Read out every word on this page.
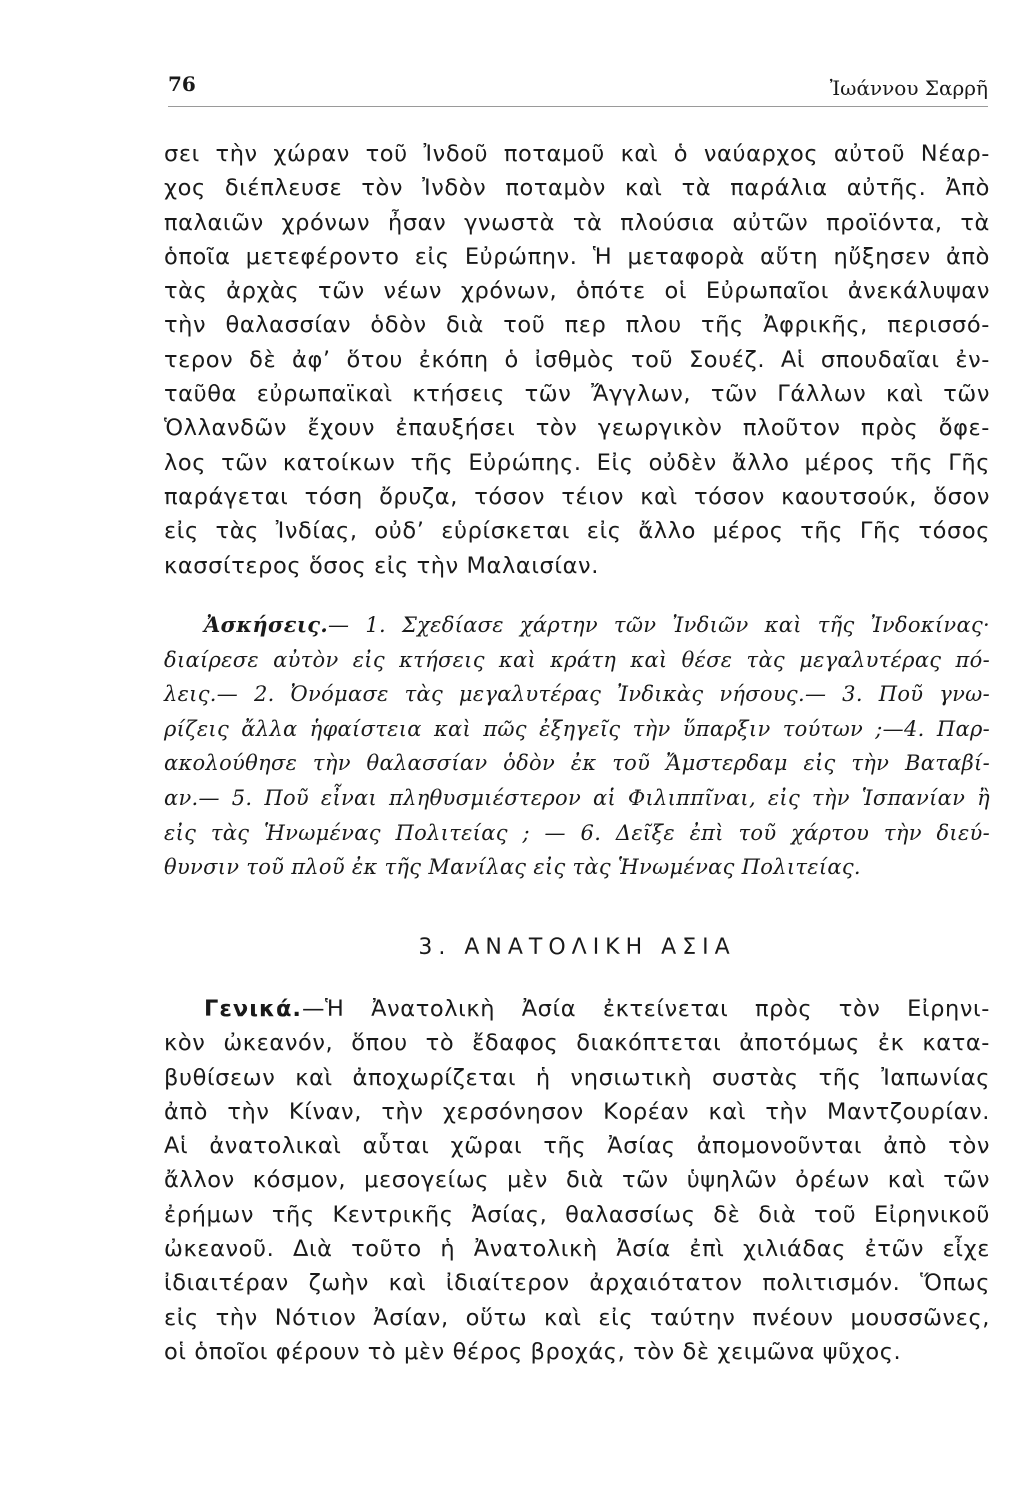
76	Ἰωάννου Σαρρῆ

σει τὴν χώραν τοῦ Ἰνδοῦ ποταμοῦ καὶ ὁ ναύαρχος αὐτοῦ Νέαρ-
χος διέπλευσε τὸν Ἰνδὸν ποταμὸν καὶ τὰ παράλια αὐτῆς. Ἀπὸ
παλαιῶν χρόνων ἦσαν γνωστὰ τὰ πλούσια αὐτῶν προϊόντα, τὰ
ὁποῖα μετεφέροντο εἰς Εὐρώπην. Ἡ μεταφορὰ αὕτη ηὔξησεν ἀπὸ
τὰς ἀρχὰς τῶν νέων χρόνων, ὁπότε οἱ Εὐρωπαῖοι ἀνεκάλυψαν
τὴν θαλασσίαν ὁδὸν διὰ τοῦ περ πλου τῆς Ἀφρικῆς, περισσό-
τερον δὲ ἀφ’ ὅτου ἐκόπη ὁ ἰσθμὸς τοῦ Σουέζ. Αἱ σπουδαῖαι ἐν-
ταῦθα εὐρωπαϊκαὶ κτήσεις τῶν Ἄγγλων, τῶν Γάλλων καὶ τῶν
Ὁλλανδῶν ἔχουν ἐπαυξήσει τὸν γεωργικὸν πλοῦτον πρὸς ὄφε-
λος τῶν κατοίκων τῆς Εὐρώπης. Εἰς οὐδὲν ἄλλο μέρος τῆς Γῆς
παράγεται τόση ὄρυζα, τόσον τέιον καὶ τόσον καουτσούκ, ὅσον
εἰς τὰς Ἰνδίας, οὐδ’ εὑρίσκεται εἰς ἄλλο μέρος τῆς Γῆς τόσος
κασσίτερος ὅσος εἰς τὴν Μαλαισίαν.

Ἀσκήσεις.— 1. Σχεδίασε χάρτην τῶν Ἰνδιῶν καὶ τῆς Ἰνδοκίνας·
διαίρεσε αὐτὸν εἰς κτήσεις καὶ κράτη καὶ θέσε τὰς μεγαλυτέρας πό-
λεις.— 2. Ὀνόμασε τὰς μεγαλυτέρας Ἰνδικὰς νήσους.— 3. Ποῦ γνω-
ρίζεις ἄλλα ἡφαίστεια καὶ πῶς ἐξηγεῖς τὴν ὕπαρξιν τούτων ;—4. Παρ-
ακολούθησε τὴν θαλασσίαν ὁδὸν ἐκ τοῦ Ἄμστερδαμ εἰς τὴν Βαταβί-
αν.— 5. Ποῦ εἶναι πληθυσμιέστερον αἱ Φιλιππῖναι, εἰς τὴν Ἱσπανίαν ἢ
εἰς τὰς Ἡνωμένας Πολιτείας ; — 6. Δεῖξε ἐπὶ τοῦ χάρτου τὴν διεύ-
θυνσιν τοῦ πλοῦ ἐκ τῆς Μανίλας εἰς τὰς Ἡνωμένας Πολιτείας.
3. ΑΝΑΤΟΛΙΚΗ ΑΣΙΑ

Γενικά.—Ἡ Ἀνατολικὴ Ἀσία ἐκτείνεται πρὸς τὸν Εἰρηνι-
κὸν ὠκεανόν, ὅπου τὸ ἔδαφος διακόπτεται ἀποτόμως ἐκ κατα-
βυθίσεων καὶ ἀποχωρίζεται ἡ νησιωτικὴ συστὰς τῆς Ἰαπωνίας
ἀπὸ τὴν Κίναν, τὴν χερσόνησον Κορέαν καὶ τὴν Μαντζουρίαν.
Αἱ ἀνατολικαὶ αὗται χῶραι τῆς Ἀσίας ἀπομονοῦνται ἀπὸ τὸν
ἄλλον κόσμον, μεσογείως μὲν διὰ τῶν ὑψηλῶν ὀρέων καὶ τῶν
ἐρήμων τῆς Κεντρικῆς Ἀσίας, θαλασσίως δὲ διὰ τοῦ Εἰρηνικοῦ
ὠκεανοῦ. Διὰ τοῦτο ἡ Ἀνατολικὴ Ἀσία ἐπὶ χιλιάδας ἐτῶν εἶχε
ἰδιαιτέραν ζωὴν καὶ ἰδιαίτερον ἀρχαιότατον πολιτισμόν. Ὅπως
εἰς τὴν Νότιον Ἀσίαν, οὕτω καὶ εἰς ταύτην πνέουν μουσσῶνες,
οἱ ὁποῖοι φέρουν τὸ μὲν θέρος βροχάς, τὸν δὲ χειμῶνα ψῦχος.
